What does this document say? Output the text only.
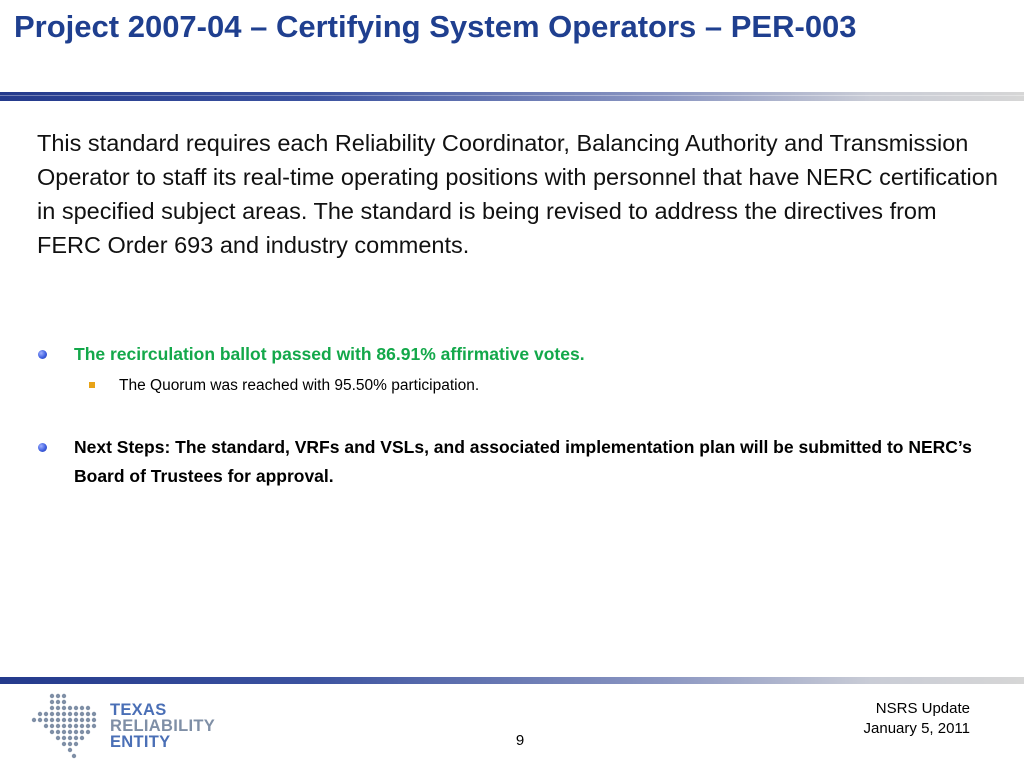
Project 2007-04 – Certifying System Operators – PER-003
This standard requires each Reliability Coordinator, Balancing Authority and Transmission Operator to staff its real-time operating positions with personnel that have NERC certification in specified subject areas. The standard is being revised to address the directives from FERC Order 693 and industry comments.
The recirculation ballot passed with 86.91% affirmative votes.
The Quorum was reached with 95.50% participation.
Next Steps: The standard, VRFs and VSLs, and associated implementation plan will be submitted to NERC’s Board of Trustees for approval.
TEXAS
RELIABILITY
ENTITY	9
NSRS Update
January 5, 2011
